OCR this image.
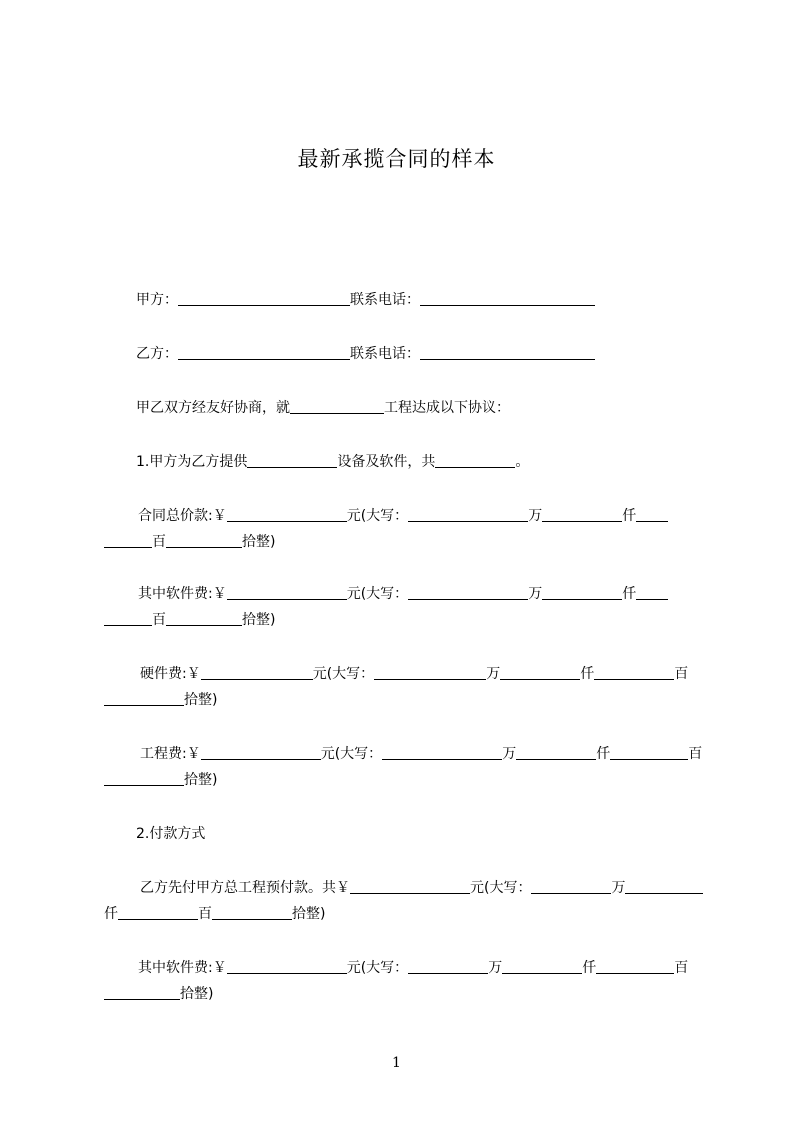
最新承揽合同的样本
甲方：	联系电话：
乙方：	联系电话：
甲乙双方经友好协商，就	工程达成以下协议：
1.甲方为乙方提供	设备及软件，共	。
合同总价款:￥	元(大写：	万	仟百	拾整)
其中软件费:￥	元(大写：	万	仟百	拾整)
硬件费:￥	元(大写：	万	仟	百拾整)
工程费:￥	元(大写：	万	仟	百拾整)
2.付款方式
乙方先付甲方总工程预付款。共￥	元(大写：	万仟	百	拾整)
其中软件费:￥	元(大写：	万	仟	百拾整)
1
